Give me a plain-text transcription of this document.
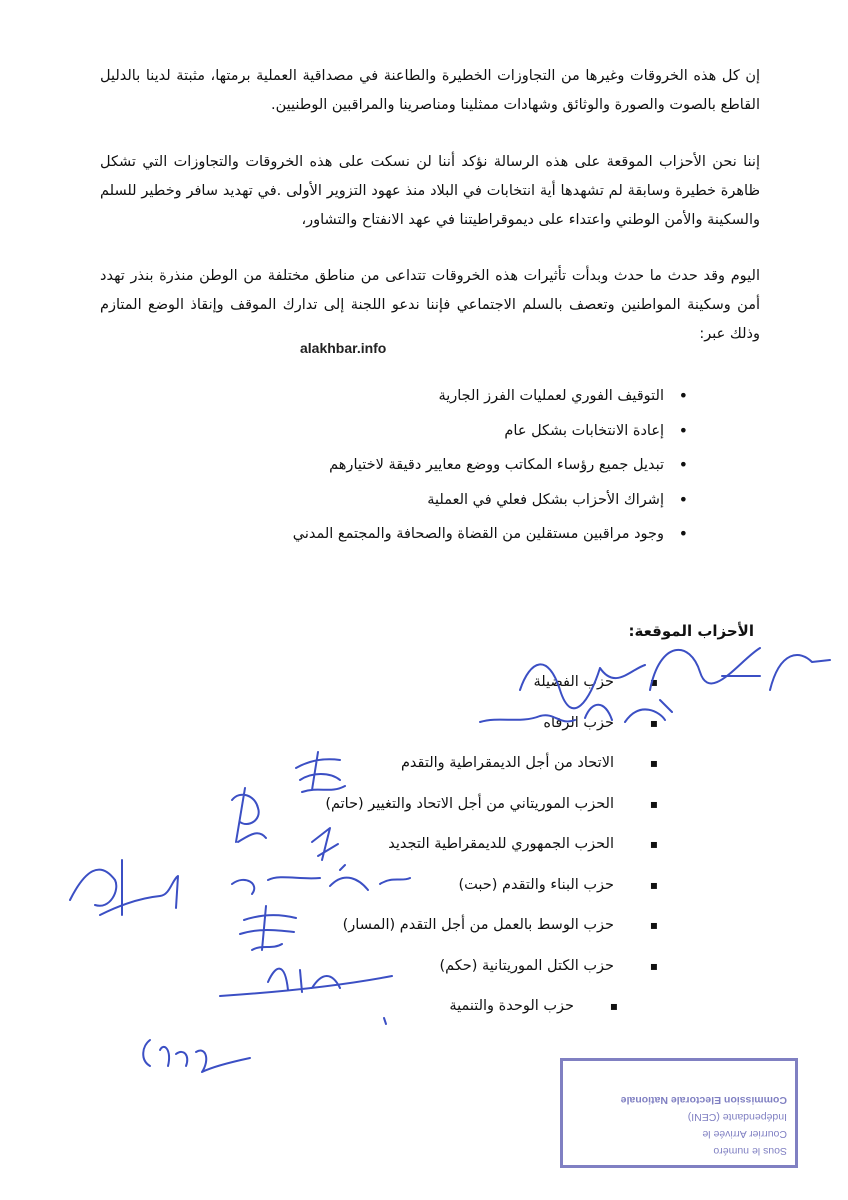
إن كل هذه الخروقات وغيرها من التجاوزات الخطيرة والطاعنة في مصداقية العملية برمتها، مثبتة لدينا بالدليل القاطع بالصوت والصورة والوثائق وشهادات ممثلينا ومناصرينا والمراقبين الوطنيين.

إننا نحن الأحزاب الموقعة على هذه الرسالة نؤكد أننا لن نسكت على هذه الخروقات والتجاوزات التي تشكل ظاهرة خطيرة وسابقة لم تشهدها أية انتخابات في البلاد منذ عهود التزوير الأولى .في تهديد سافر وخطير للسلم والسكينة والأمن الوطني واعتداء على ديموقراطيتنا في عهد الانفتاح والتشاور،

اليوم وقد حدث ما حدث وبدأت تأثيرات هذه الخروقات تتداعى من مناطق مختلفة من الوطن منذرة بنذر تهدد أمن وسكينة المواطنين وتعصف بالسلم الاجتماعي فإننا ندعو اللجنة إلى تدارك الموقف وإنقاذ الوضع المتازم وذلك عبر:

alakhbar.info
• التوقيف الفوري لعمليات الفرز الجارية
• إعادة الانتخابات بشكل عام
• تبديل جميع رؤساء المكاتب ووضع معايير دقيقة لاختيارهم
• إشراك الأحزاب بشكل فعلي في العملية
• وجود مراقبين مستقلين من القضاة والصحافة والمجتمع المدني
الأحزاب الموقعة:
▪ حزب الفضيلة
▪ حزب الرفاه
▪ الاتحاد من أجل الديمقراطية والتقدم
▪ الحزب الموريتاني من أجل الاتحاد والتغيير (حاتم)
▪ الحزب الجمهوري للديمقراطية التجديد
▪ حزب البناء والتقدم (حبت)
▪ حزب الوسط بالعمل من أجل التقدم (المسار)
▪ حزب الكتل الموريتانية (حكم)
▪ حزب الوحدة والتنمية
Sous le numéro
Courrier Arrivée le
Indépendante (CENI)
Commission Electorale Nationale
